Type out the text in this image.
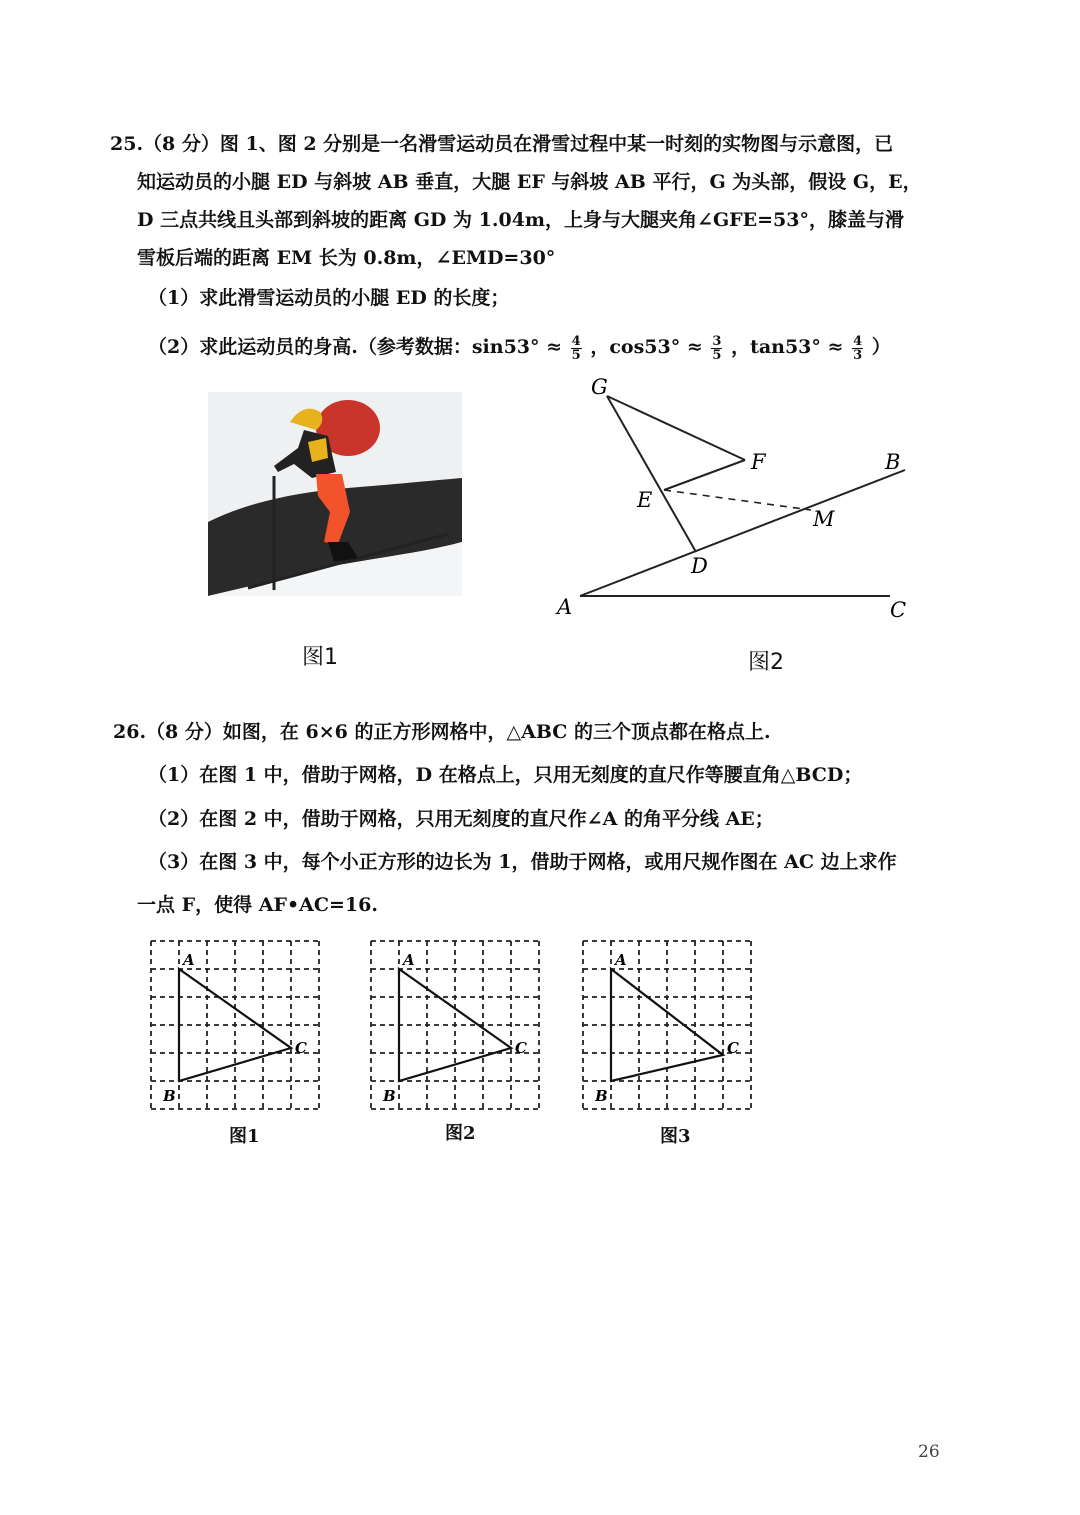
25.（8 分）图 1、图 2 分别是一名滑雪运动员在滑雪过程中某一时刻的实物图与示意图，已
知运动员的小腿 ED 与斜坡 AB 垂直，大腿 EF 与斜坡 AB 平行，G 为头部，假设 G，E，
D 三点共线且头部到斜坡的距离 GD 为 1.04m，上身与大腿夹角∠GFE=53°，膝盖与滑
雪板后端的距离 EM 长为 0.8m，∠EMD=30°
（1）求此滑雪运动员的小腿 ED 的长度；
（2）求此运动员的身高.（参考数据：$\sin 53^\circ \approx \frac{4}{5}$ ，$\cos 53^\circ \approx \frac{3}{5}$ ，$\tan 53^\circ \approx \frac{4}{3}$ ）
图1
G
F
E
B
M
D
A	C
图2
26.（8 分）如图，在 6×6 的正方形网格中，△ABC 的三个顶点都在格点上.
（1）在图 1 中，借助于网格，D 在格点上，只用无刻度的直尺作等腰直角△BCD；
（2）在图 2 中，借助于网格，只用无刻度的直尺作∠A 的角平分线 AE；
（3）在图 3 中，每个小正方形的边长为 1，借助于网格，或用尺规作图在 AC 边上求作
一点 F，使得 AF•AC=16.
A
B
C
图1
A
B
C
图2
A
B
C
图3
26
